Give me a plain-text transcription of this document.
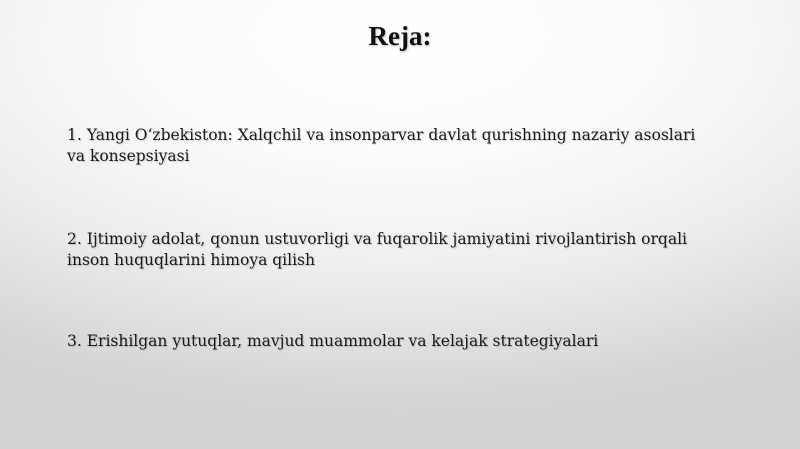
Reja:
1. Yangi O‘zbekiston: Xalqchil va insonparvar davlat qurishning nazariy asoslari va konsepsiyasi
2. Ijtimoiy adolat, qonun ustuvorligi va fuqarolik jamiyatini rivojlantirish orqali inson huquqlarini himoya qilish
3. Erishilgan yutuqlar, mavjud muammolar va kelajak strategiyalari
